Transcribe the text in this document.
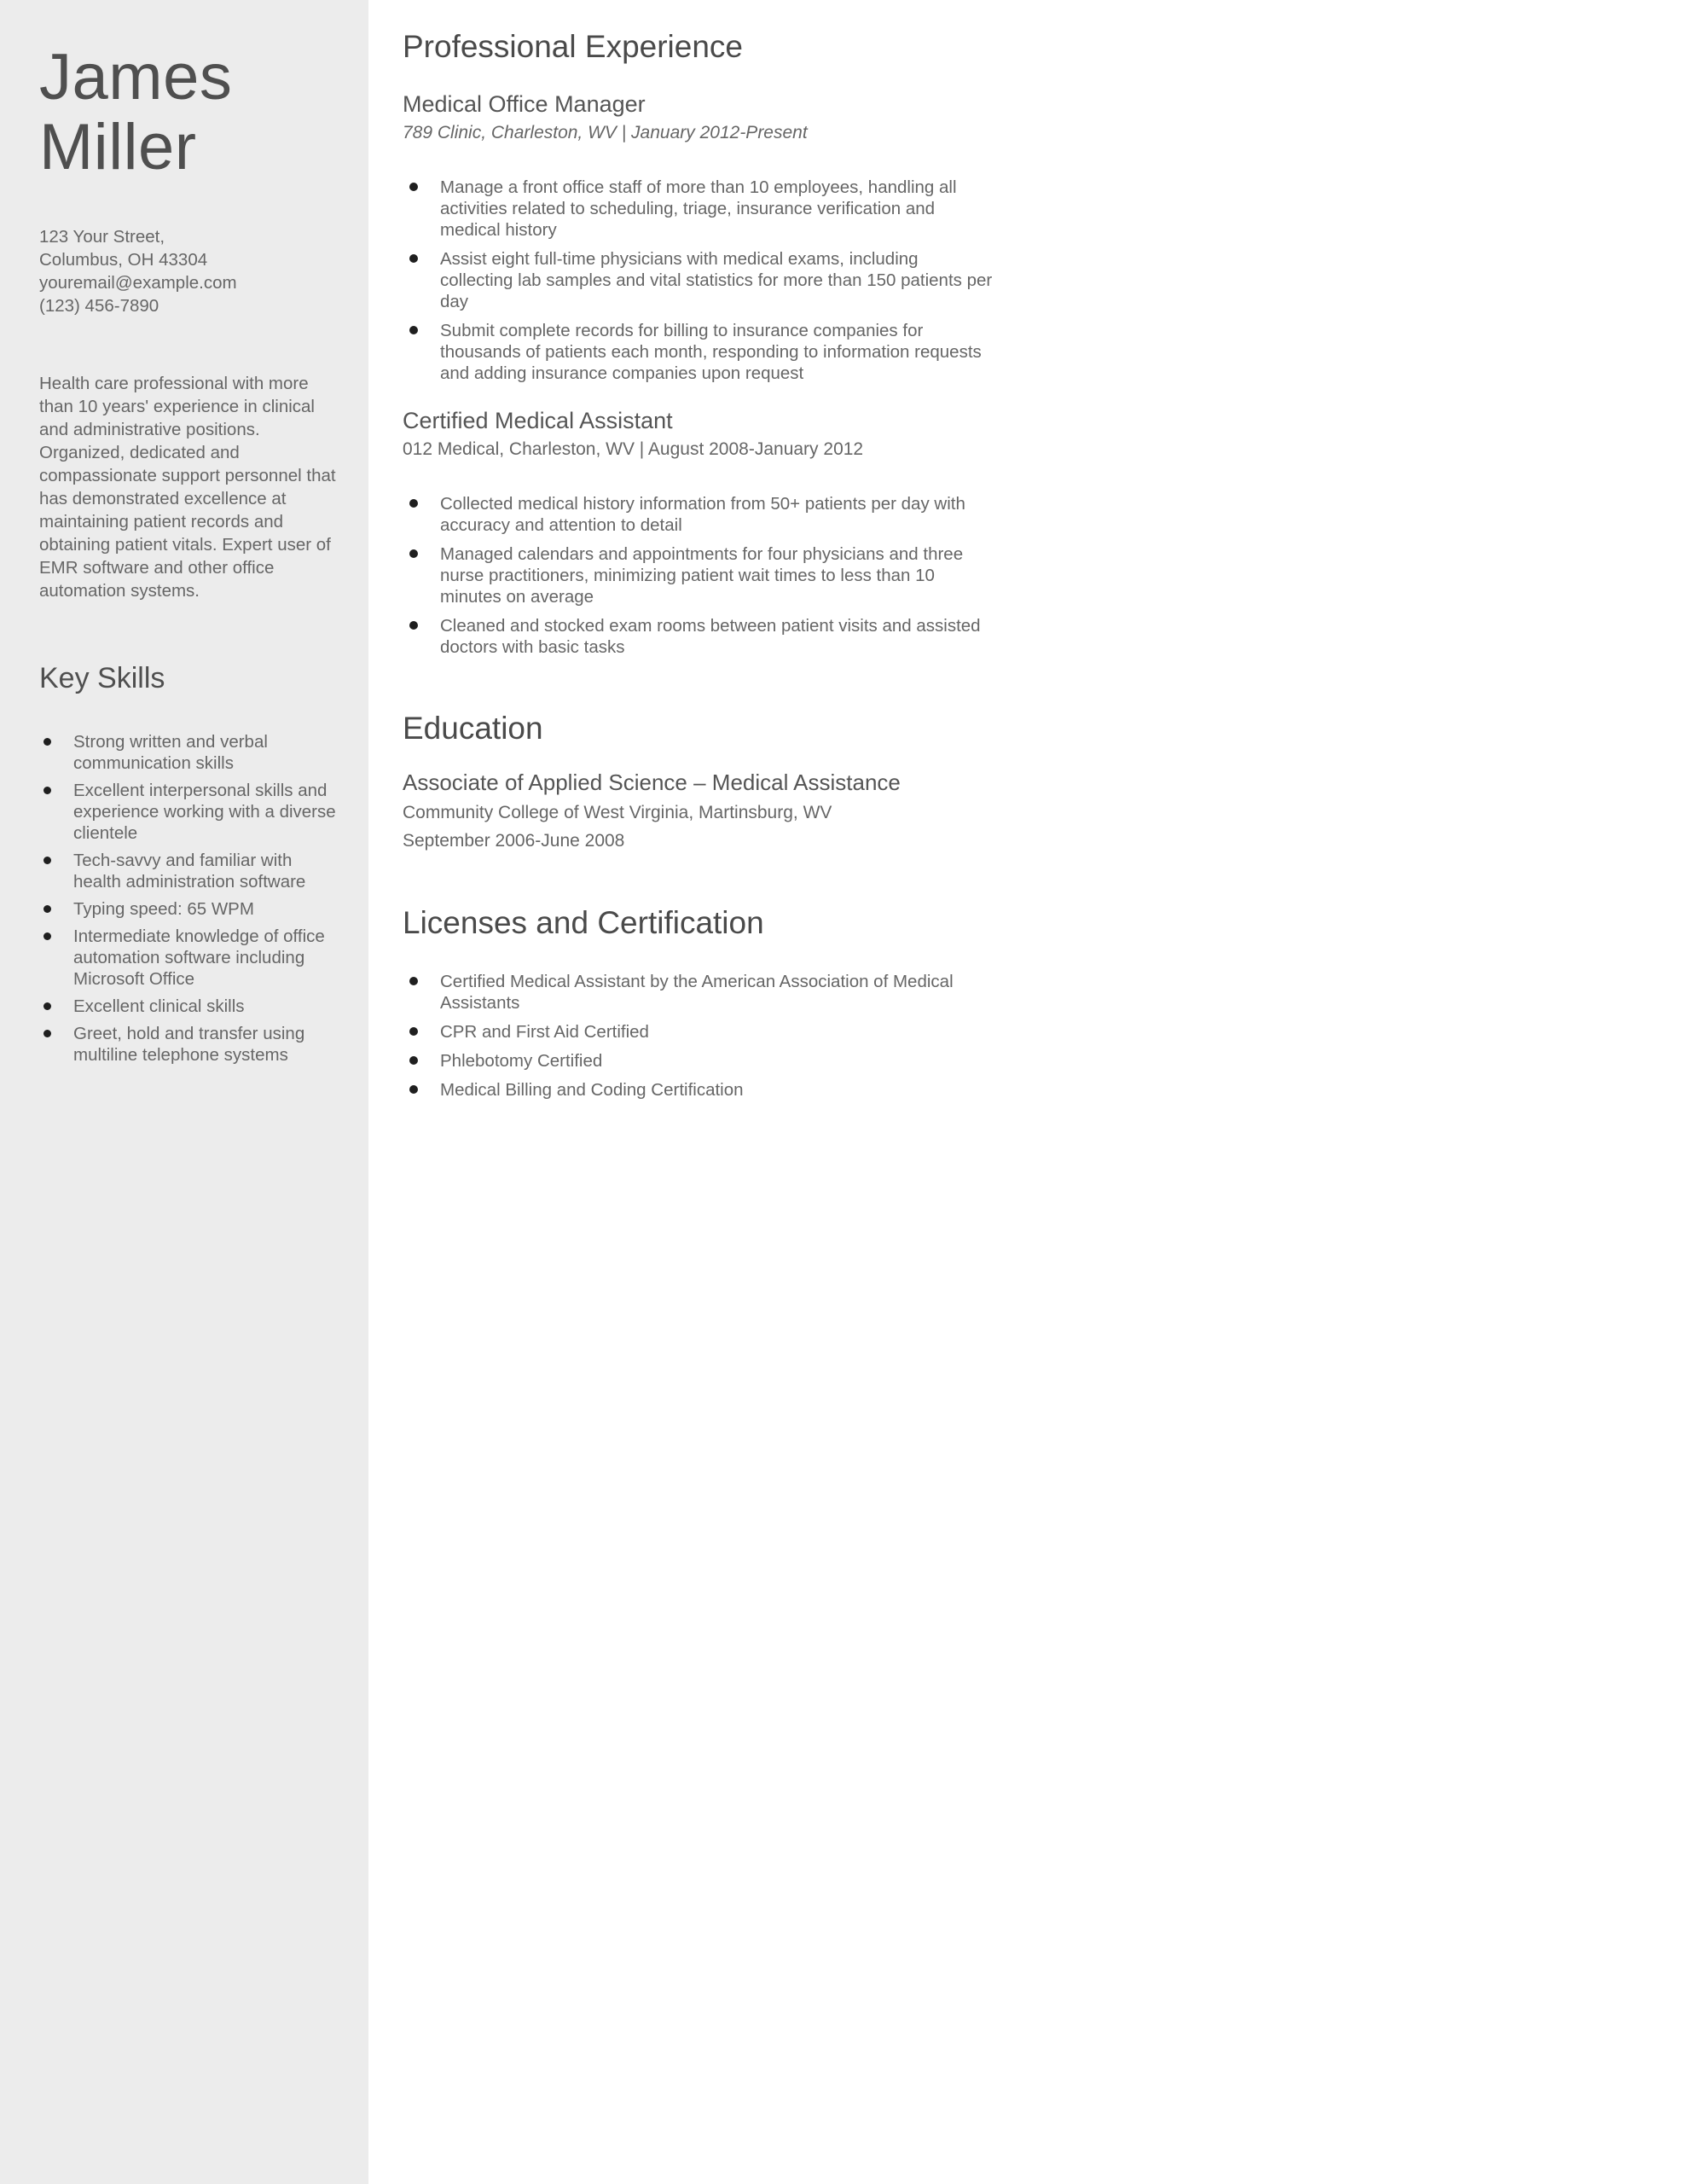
James
Miller
123 Your Street,
Columbus, OH 43304
youremail@example.com
(123) 456-7890

Health care professional with more than 10 years' experience in clinical and administrative positions. Organized, dedicated and compassionate support personnel that has demonstrated excellence at maintaining patient records and obtaining patient vitals. Expert user of EMR software and other office automation systems.

Key Skills
Strong written and verbal communication skills
Excellent interpersonal skills and experience working with a diverse clientele
Tech-savvy and familiar with health administration software
Typing speed: 65 WPM
Intermediate knowledge of office automation software including Microsoft Office
Excellent clinical skills
Greet, hold and transfer using multiline telephone systems
Professional Experience
Medical Office Manager
789 Clinic, Charleston, WV | January 2012-Present
Manage a front office staff of more than 10 employees, handling all activities related to scheduling, triage, insurance verification and medical history
Assist eight full-time physicians with medical exams, including collecting lab samples and vital statistics for more than 150 patients per day
Submit complete records for billing to insurance companies for thousands of patients each month, responding to information requests and adding insurance companies upon request
Certified Medical Assistant
012 Medical, Charleston, WV | August 2008-January 2012
Collected medical history information from 50+ patients per day with accuracy and attention to detail
Managed calendars and appointments for four physicians and three nurse practitioners, minimizing patient wait times to less than 10 minutes on average
Cleaned and stocked exam rooms between patient visits and assisted doctors with basic tasks
Education
Associate of Applied Science – Medical Assistance
Community College of West Virginia, Martinsburg, WV
September 2006-June 2008
Licenses and Certification
Certified Medical Assistant by the American Association of Medical Assistants
CPR and First Aid Certified
Phlebotomy Certified
Medical Billing and Coding Certification
